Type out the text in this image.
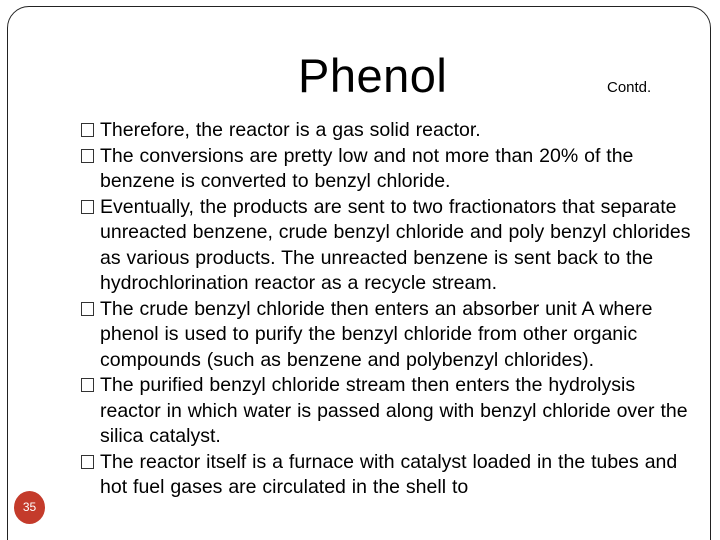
Phenol	Contd.
Therefore, the reactor is a gas solid reactor.
The conversions are pretty low and not more than 20% of the benzene is converted to benzyl chloride.
Eventually, the products are sent to two fractionators that separate unreacted benzene, crude benzyl chloride and poly benzyl chlorides as various products. The unreacted benzene is sent back to the hydrochlorination reactor as a recycle stream.
The crude benzyl chloride then enters an absorber unit A where phenol is used to purify the benzyl chloride from other organic compounds (such as benzene and polybenzyl chlorides).
The purified benzyl chloride stream then enters the hydrolysis reactor in which water is passed along with benzyl chloride over the silica catalyst.
The reactor itself is a furnace with catalyst loaded in the tubes and hot fuel gases are circulated in the shell to
35
